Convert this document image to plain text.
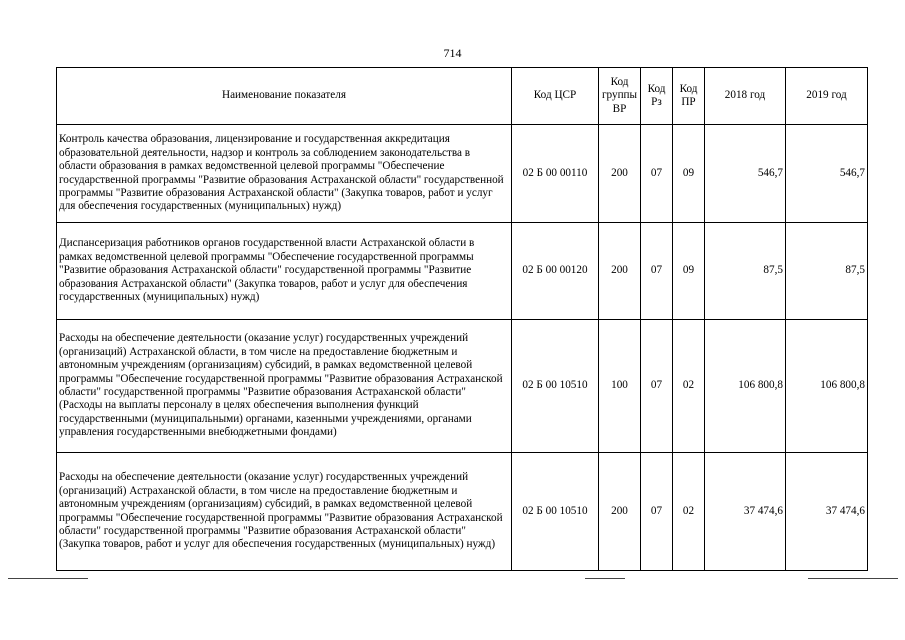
714
Наименование показателя	Код ЦСР	Код группы ВР	Код Рз	Код ПР	2018 год	2019 год
Контроль качества образования, лицензирование и государственная аккредитация образовательной деятельности, надзор и контроль за соблюдением законодательства в области образования в рамках ведомственной целевой программы "Обеспечение государственной программы "Развитие образования Астраханской области" государственной программы "Развитие образования Астраханской области" (Закупка товаров, работ и услуг для обеспечения государственных (муниципальных) нужд)	02 Б 00 00110	200	07	09	546,7	546,7
Диспансеризация работников органов государственной власти Астраханской области в рамках ведомственной целевой программы "Обеспечение государственной программы "Развитие образования Астраханской области" государственной программы "Развитие образования Астраханской области" (Закупка товаров, работ и услуг для обеспечения государственных (муниципальных) нужд)	02 Б 00 00120	200	07	09	87,5	87,5
Расходы на обеспечение деятельности (оказание услуг) государственных учреждений (организаций) Астраханской области, в том числе на предоставление бюджетным и автономным учреждениям (организациям) субсидий, в рамках ведомственной целевой программы "Обеспечение государственной программы "Развитие образования Астраханской области" государственной программы "Развитие образования Астраханской области" (Расходы на выплаты персоналу в целях обеспечения выполнения функций государственными (муниципальными) органами, казенными учреждениями, органами управления государственными внебюджетными фондами)	02 Б 00 10510	100	07	02	106 800,8	106 800,8
Расходы на обеспечение деятельности (оказание услуг) государственных учреждений (организаций) Астраханской области, в том числе на предоставление бюджетным и автономным учреждениям (организациям) субсидий, в рамках ведомственной целевой программы "Обеспечение государственной программы "Развитие образования Астраханской области" государственной программы "Развитие образования Астраханской области" (Закупка товаров, работ и услуг для обеспечения государственных (муниципальных) нужд)	02 Б 00 10510	200	07	02	37 474,6	37 474,6
